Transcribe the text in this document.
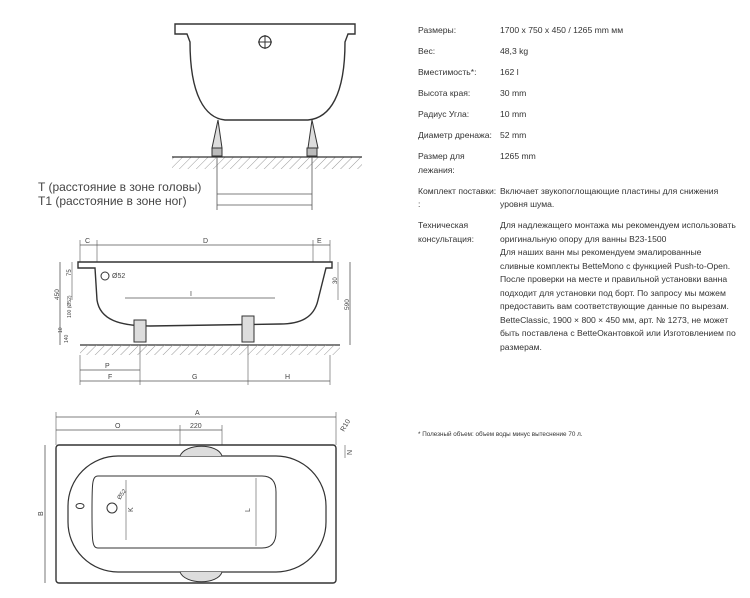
T (расстояние в зоне головы)
T1 (расстояние в зоне ног)
C	D	E
Ø52
I
450
75
100 (Ø52)
10
140
30
590
P
F	G	H
A
O	220	R10
Ø52
K	L
B
N
Размеры:	1700 x 750 x 450 / 1265 mm мм

Вес:	48,3 kg

Вместимость*:	162 l

Высота края:	30 mm

Радиус Угла:	10 mm

Диаметр дренажа: 52 mm

Размер для лежания:

1265 mm

Комплект поставки: :

Включает звукопоглощающие пластины для снижения уровня шума.

Техническая консультация:

Для надлежащего монтажа мы рекомендуем использовать оригинальную опору для ванны B23-1500

Для наших ванн мы рекомендуем эмалированные сливные комплекты BetteMono с функцией Push-to-Open.

После проверки на месте и правильной установки ванна подходит для установки под борт. По запросу мы можем предоставить вам соответствующие данные по вырезам.

BetteClassic, 1900 × 800 × 450 мм, арт. № 1273, не может быть поставлена с BetteОкантовкой или Изготовлением по размерам.

* Полезный объем: объем воды минус вытеснение 70 л.
